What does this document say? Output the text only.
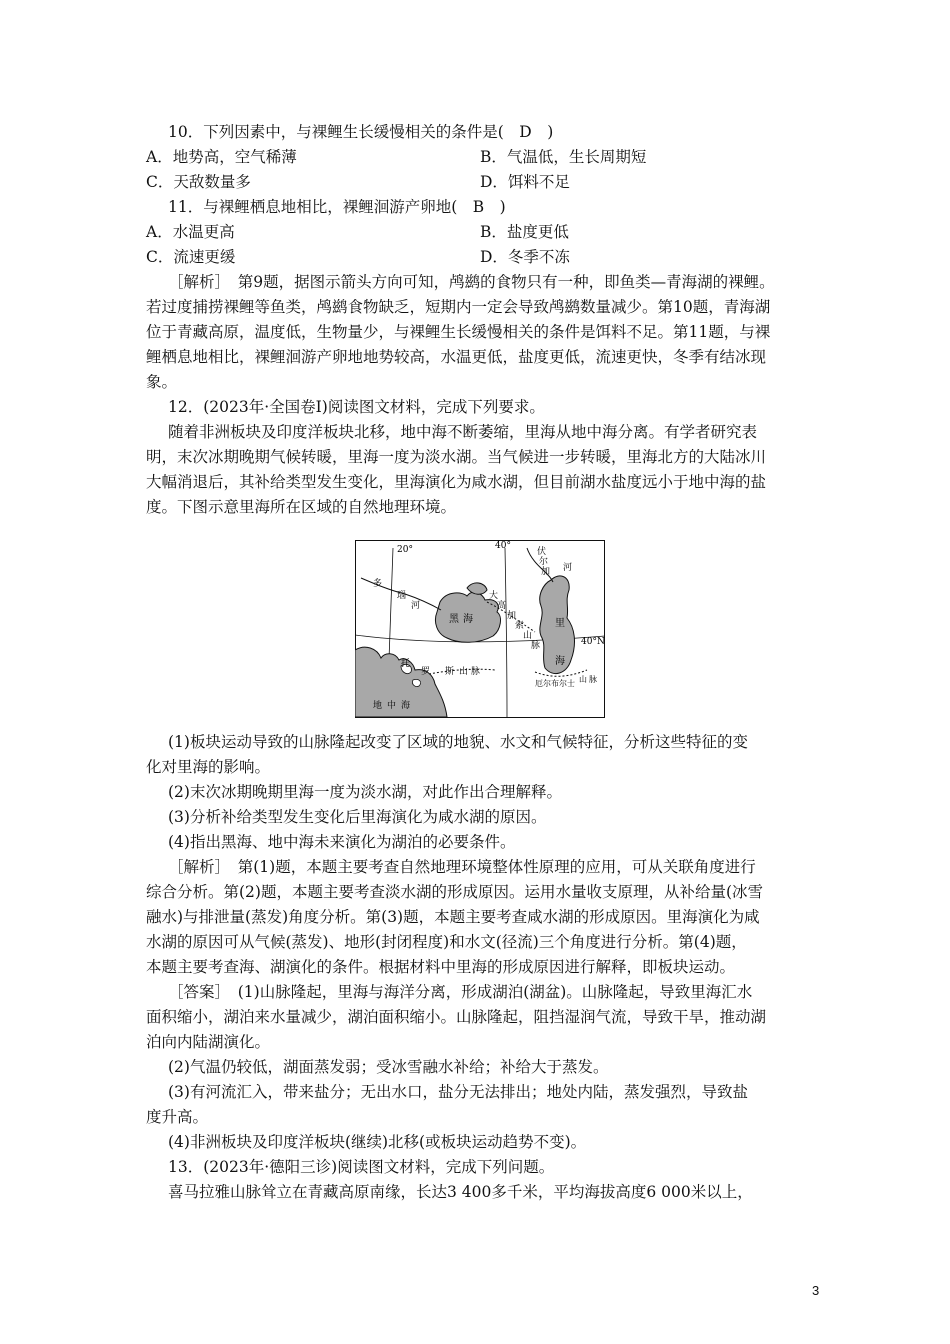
10．下列因素中，与裸鲤生长缓慢相关的条件是(　D　)
A．地势高，空气稀薄	B．气温低，生长周期短
C．天敌数量多	D．饵料不足
11．与裸鲤栖息地相比，裸鲤洄游产卵地(　B　)
A．水温更高	B．盐度更低
C．流速更缓	D．冬季不冻
［解析］　第9题，据图示箭头方向可知，鸬鹚的食物只有一种，即鱼类—青海湖的裸鲤。
若过度捕捞裸鲤等鱼类，鸬鹚食物缺乏，短期内一定会导致鸬鹚数量减少。第10题，青海湖
位于青藏高原，温度低，生物量少，与裸鲤生长缓慢相关的条件是饵料不足。第11题，与裸
鲤栖息地相比，裸鲤洄游产卵地地势较高，水温更低，盐度更低，流速更快，冬季有结冰现
象。
12．(2023年·全国卷Ⅰ)阅读图文材料，完成下列要求。
随着非洲板块及印度洋板块北移，地中海不断萎缩，里海从地中海分离。有学者研究表
明，末次冰期晚期气候转暖，里海一度为淡水湖。当气候进一步转暖，里海北方的大陆冰川
大幅消退后，其补给类型发生变化，里海演化为咸水湖，但目前湖水盐度远小于地中海的盐
度。下图示意里海所在区域的自然地理环境。
20°	40°
40°N
多
瑙
河
黑 海
大
高
加
索
山
脉
伏
尔
加 河
里
海
托
罗 斯 山 脉
厄尔布尔士 山 脉
地 中 海
(1)板块运动导致的山脉隆起改变了区域的地貌、水文和气候特征，分析这些特征的变
化对里海的影响。
(2)末次冰期晚期里海一度为淡水湖，对此作出合理解释。
(3)分析补给类型发生变化后里海演化为咸水湖的原因。
(4)指出黑海、地中海未来演化为湖泊的必要条件。
［解析］　第(1)题，本题主要考查自然地理环境整体性原理的应用，可从关联角度进行
综合分析。第(2)题，本题主要考查淡水湖的形成原因。运用水量收支原理，从补给量(冰雪
融水)与排泄量(蒸发)角度分析。第(3)题，本题主要考查咸水湖的形成原因。里海演化为咸
水湖的原因可从气候(蒸发)、地形(封闭程度)和水文(径流)三个角度进行分析。第(4)题，
本题主要考查海、湖演化的条件。根据材料中里海的形成原因进行解释，即板块运动。
［答案］　(1)山脉隆起，里海与海洋分离，形成湖泊(湖盆)。山脉隆起，导致里海汇水
面积缩小，湖泊来水量减少，湖泊面积缩小。山脉隆起，阻挡湿润气流，导致干旱，推动湖
泊向内陆湖演化。
(2)气温仍较低，湖面蒸发弱；受冰雪融水补给；补给大于蒸发。
(3)有河流汇入，带来盐分；无出水口，盐分无法排出；地处内陆，蒸发强烈，导致盐
度升高。
(4)非洲板块及印度洋板块(继续)北移(或板块运动趋势不变)。
13．(2023年·德阳三诊)阅读图文材料，完成下列问题。
喜马拉雅山脉耸立在青藏高原南缘，长达3 400多千米，平均海拔高度6 000米以上，
3
